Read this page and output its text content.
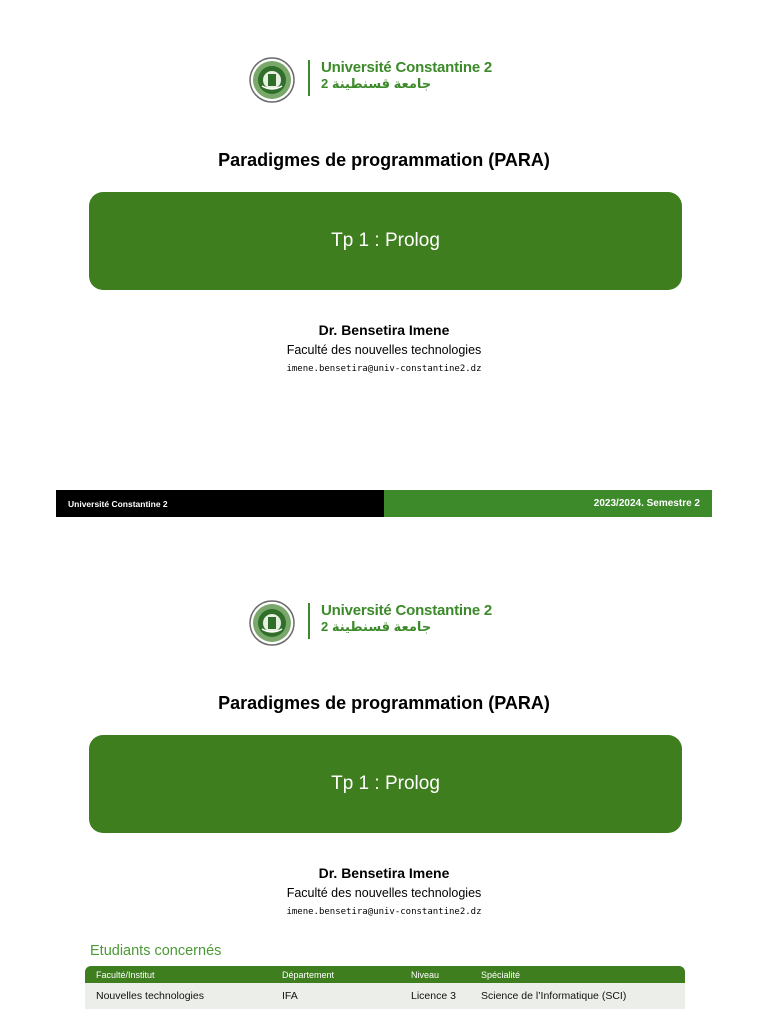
Université Constantine 2
جامعة قسنطينة 2
Paradigmes de programmation (PARA)
Tp 1 : Prolog
Dr. Bensetira Imene
Faculté des nouvelles technologies
imene.bensetira@univ-constantine2.dz
Université Constantine 2	2023/2024. Semestre 2
Université Constantine 2
جامعة قسنطينة 2
Paradigmes de programmation (PARA)
Tp 1 : Prolog
Dr. Bensetira Imene
Faculté des nouvelles technologies
imene.bensetira@univ-constantine2.dz
Etudiants concernés
Faculté/Institut	Département	Niveau	Spécialité
Nouvelles technologies	IFA	Licence 3	Science de l’Informatique (SCI)
